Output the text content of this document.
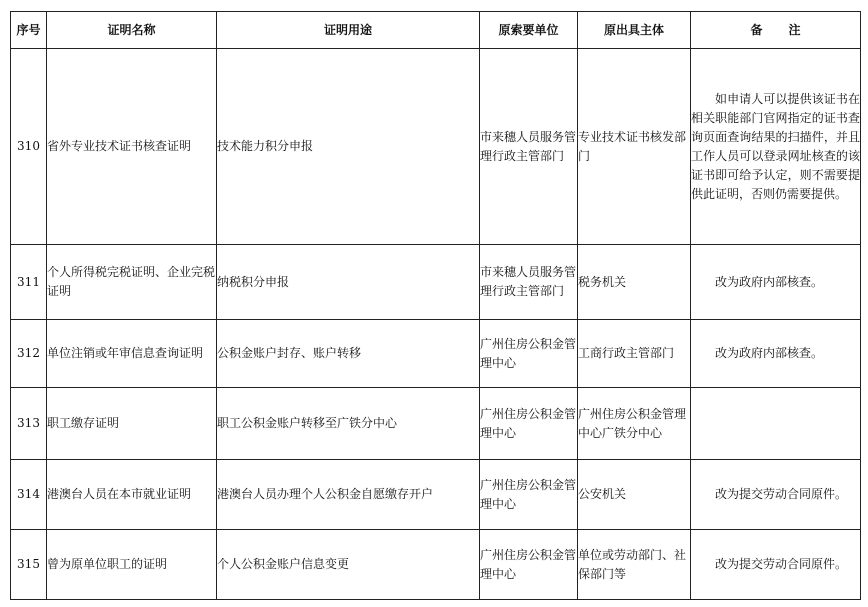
序号	证明名称	证明用途	原索要单位	原出具主体	备注
310	省外专业技术证书核查证明	技术能力积分申报	市来穗人员服务管理行政主管部门	专业技术证书核发部门	如申请人可以提供该证书在相关职能部门官网指定的证书查询页面查询结果的扫描件，并且工作人员可以登录网址核查的该证书即可给予认定，则不需要提供此证明，否则仍需要提供。

311	个人所得税完税证明、企业完税证明	纳税积分申报	市来穗人员服务管理行政主管部门	税务机关	改为政府内部核查。

312	单位注销或年审信息查询证明	公积金账户封存、账户转移	广州住房公积金管理中心	工商行政主管部门	改为政府内部核查。

313	职工缴存证明	职工公积金账户转移至广铁分中心	广州住房公积金管理中心	广州住房公积金管理中心广铁分中心	

314	港澳台人员在本市就业证明	港澳台人员办理个人公积金自愿缴存开户	广州住房公积金管理中心	公安机关	改为提交劳动合同原件。

315	曾为原单位职工的证明	个人公积金账户信息变更	广州住房公积金管理中心	单位或劳动部门、社保部门等	改为提交劳动合同原件。
